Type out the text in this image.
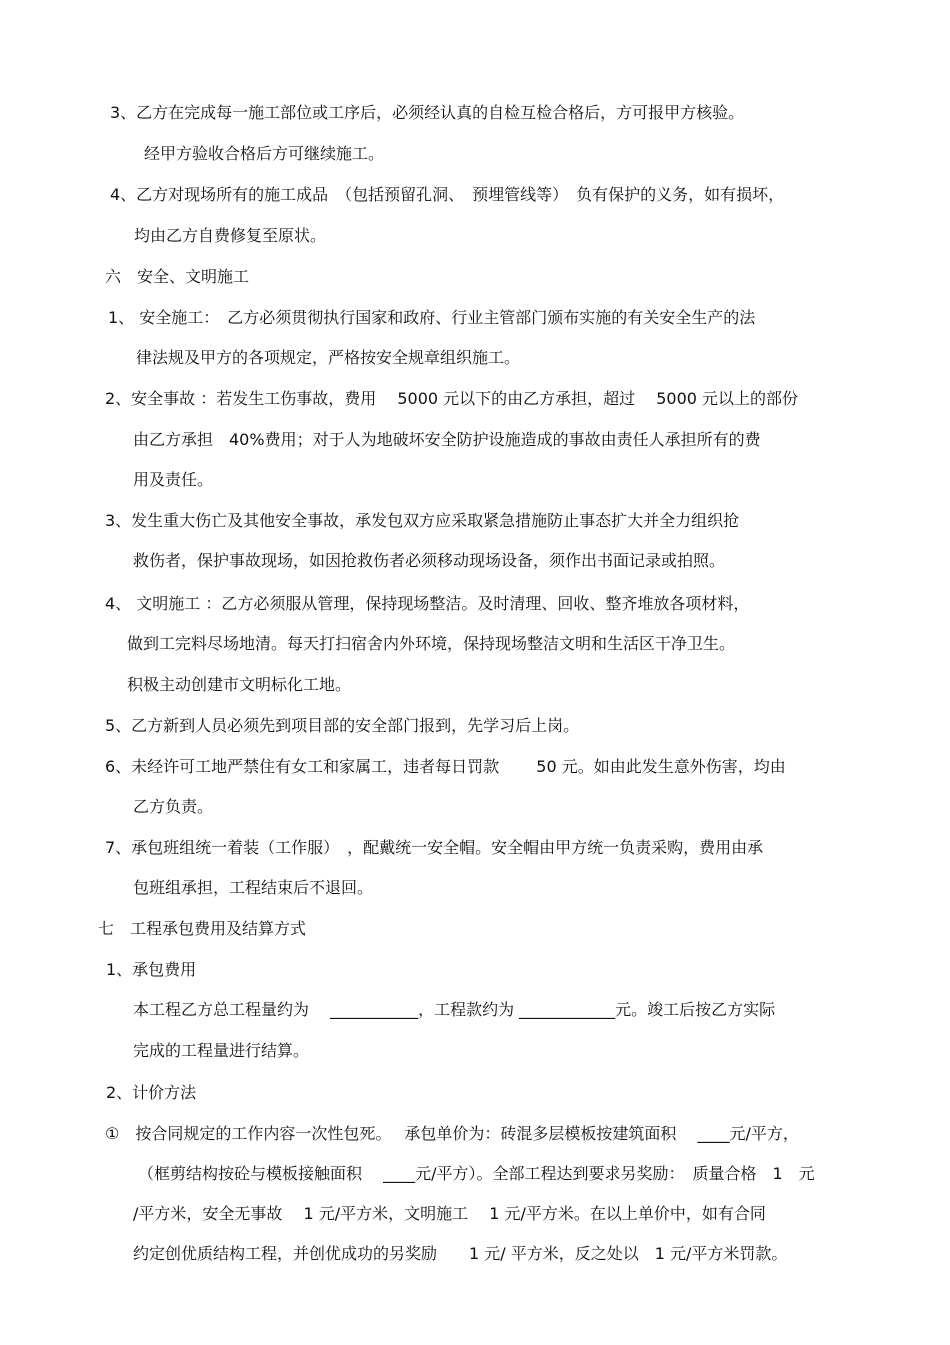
3、乙方在完成每一施工部位或工序后，必须经认真的自检互检合格后，方可报甲方核验。
经甲方验收合格后方可继续施工。
4、乙方对现场所有的施工成品　（包括预留孔洞、　预埋管线等）　负有保护的义务，如有损坏，
均由乙方自费修复至原状。
六　安全、文明施工
1、 安全施工：　乙方必须贯彻执行国家和政府、行业主管部门颁布实施的有关安全生产的法
律法规及甲方的各项规定，严格按安全规章组织施工。
2、安全事故 ：若发生工伤事故，费用　 5000 元以下的由乙方承担，超过　 5000 元以上的部份
由乙方承担　40%费用；对于人为地破坏安全防护设施造成的事故由责任人承担所有的费
用及责任。
3、发生重大伤亡及其他安全事故，承发包双方应采取紧急措施防止事态扩大并全力组织抢
救伤者，保护事故现场，如因抢救伤者必须移动现场设备，须作出书面记录或拍照。
4、 文明施工 ：乙方必须服从管理，保持现场整洁。及时清理、回收、整齐堆放各项材料，
做到工完料尽场地清。每天打扫宿舍内外环境，保持现场整洁文明和生活区干净卫生。
积极主动创建市文明标化工地。
5、乙方新到人员必须先到项目部的安全部门报到，先学习后上岗。
6、未经许可工地严禁住有女工和家属工，违者每日罚款　　 50 元。如由此发生意外伤害，均由
乙方负责。
7、承包班组统一着装（工作服）　，配戴统一安全帽。安全帽由甲方统一负责采购，费用由承
包班组承担，工程结束后不退回。
七　工程承包费用及结算方式
1、承包费用
本工程乙方总工程量约为　 ___________，工程款约为 ____________元。竣工后按乙方实际
完成的工程量进行结算。
2、计价方法
①　按合同规定的工作内容一次性包死。　 承包单价为：砖混多层模板按建筑面积　 ____元/平方，
（框剪结构按砼与模板接触面积　 ____元/平方）。全部工程达到要求另奖励：　质量合格　1　元
/平方米，安全无事故　 1 元/平方米，文明施工　 1 元/平方米。在以上单价中，如有合同
约定创优质结构工程，并创优成功的另奖励　　1 元/ 平方米，反之处以　1 元/平方米罚款。
